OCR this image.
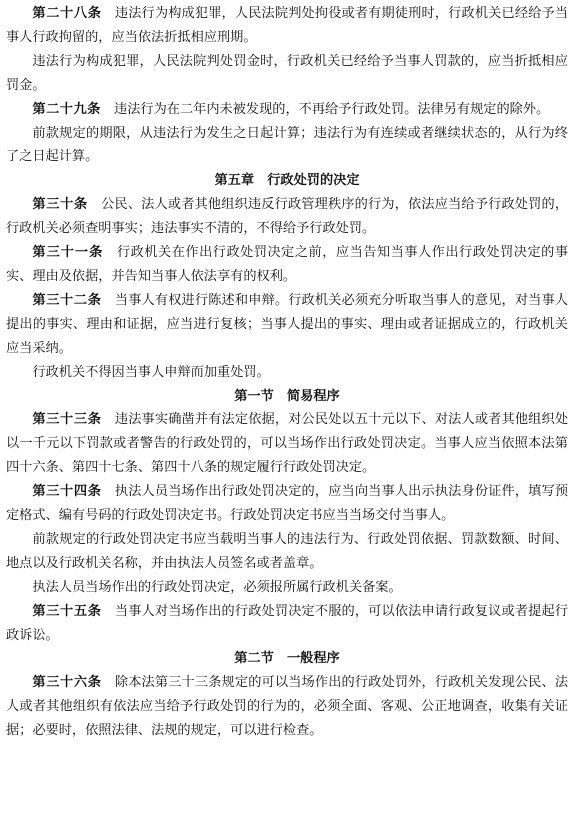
第二十八条　 违法行为构成犯罪，人民法院判处拘役或者有期徒刑时，行政机关已经给予当事人行政拘留的，应当依法折抵相应刑期。

违法行为构成犯罪，人民法院判处罚金时，行政机关已经给予当事人罚款的，应当折抵相应罚金。

第二十九条　 违法行为在二年内未被发现的，不再给予行政处罚。法律另有规定的除外。

前款规定的期限，从违法行为发生之日起计算；违法行为有连续或者继续状态的，从行为终了之日起计算。

第五章　行政处罚的决定

第三十条　 公民、法人或者其他组织违反行政管理秩序的行为，依法应当给予行政处罚的，行政机关必须查明事实；违法事实不清的，不得给予行政处罚。

第三十一条　 行政机关在作出行政处罚决定之前，应当告知当事人作出行政处罚决定的事实、理由及依据，并告知当事人依法享有的权利。

第三十二条　 当事人有权进行陈述和申辩。行政机关必须充分听取当事人的意见，对当事人提出的事实、理由和证据，应当进行复核；当事人提出的事实、理由或者证据成立的，行政机关应当采纳。

行政机关不得因当事人申辩而加重处罚。

第一节　简易程序

第三十三条　 违法事实确凿并有法定依据，对公民处以五十元以下、对法人或者其他组织处以一千元以下罚款或者警告的行政处罚的，可以当场作出行政处罚决定。当事人应当依照本法第四十六条、第四十七条、第四十八条的规定履行行政处罚决定。

第三十四条　 执法人员当场作出行政处罚决定的，应当向当事人出示执法身份证件，填写预定格式、编有号码的行政处罚决定书。行政处罚决定书应当当场交付当事人。

前款规定的行政处罚决定书应当载明当事人的违法行为、行政处罚依据、罚款数额、时间、地点以及行政机关名称，并由执法人员签名或者盖章。

执法人员当场作出的行政处罚决定，必须报所属行政机关备案。

第三十五条　 当事人对当场作出的行政处罚决定不服的，可以依法申请行政复议或者提起行政诉讼。

第二节　一般程序

第三十六条　 除本法第三十三条规定的可以当场作出的行政处罚外，行政机关发现公民、法人或者其他组织有依法应当给予行政处罚的行为的，必须全面、客观、公正地调查，收集有关证据；必要时，依照法律、法规的规定，可以进行检查。
